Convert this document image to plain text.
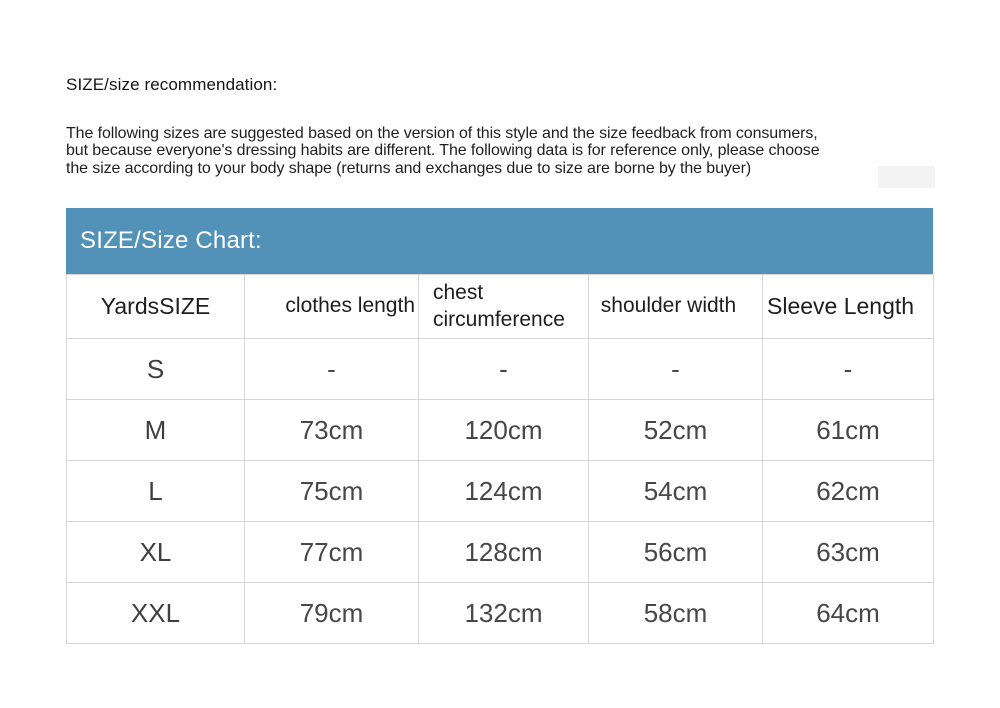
SIZE/size recommendation:
The following sizes are suggested based on the version of this style and the size feedback from consumers,
but because everyone's dressing habits are different. The following data is for reference only, please choose
the size according to your body shape (returns and exchanges due to size are borne by the buyer)
SIZE/Size Chart:
YardsSIZE	clothes length	chest circumference	shoulder width	Sleeve Length
S	-	-	-	-
M	73cm	120cm	52cm	61cm
L	75cm	124cm	54cm	62cm
XL	77cm	128cm	56cm	63cm
XXL	79cm	132cm	58cm	64cm
